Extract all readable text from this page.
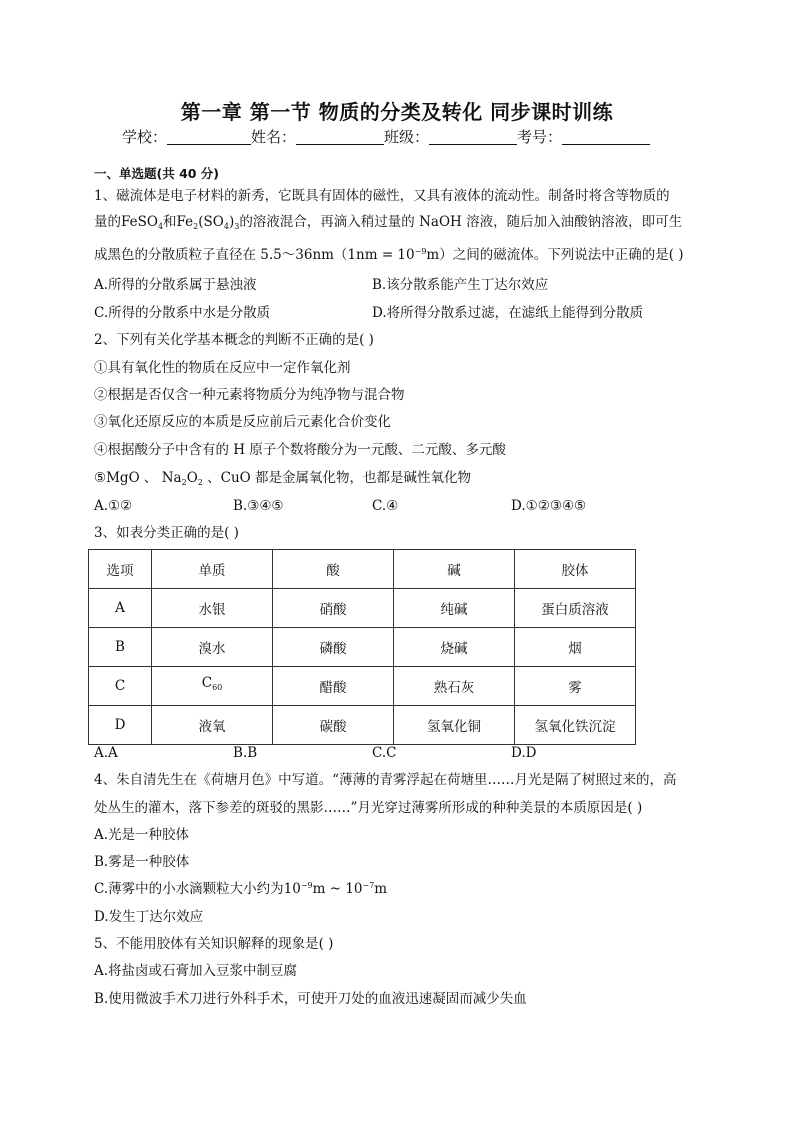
第一章 第一节 物质的分类及转化 同步课时训练
学校：	姓名：	班级：	考号：
一、单选题(共 40 分)
1、磁流体是电子材料的新秀，它既具有固体的磁性，又具有液体的流动性。制备时将含等物质的
量的FeSO$_4$和$Fe_2(SO_4)_3$的溶液混合，再滴入稍过量的 NaOH 溶液，随后加入油酸钠溶液，即可生
成黑色的分散质粒子直径在 5.5～36nm（1nm = $10^{-9}m$）之间的磁流体。下列说法中正确的是( )
A.所得的分散系属于悬浊液	B.该分散系能产生丁达尔效应
C.所得的分散系中水是分散质	D.将所得分散系过滤，在滤纸上能得到分散质
2、下列有关化学基本概念的判断不正确的是( )
①具有氧化性的物质在反应中一定作氧化剂
②根据是否仅含一种元素将物质分为纯净物与混合物
③氧化还原反应的本质是反应前后元素化合价变化
④根据酸分子中含有的 H 原子个数将酸分为一元酸、二元酸、多元酸
⑤MgO 、 $Na_2O_2$ 、CuO 都是金属氧化物，也都是碱性氧化物
A.①②	B.③④⑤	C.④	D.①②③④⑤
3、如表分类正确的是( )
选项	单质	酸	碱	胶体
A	水银	硝酸	纯碱	蛋白质溶液
B	溴水	磷酸	烧碱	烟
C	$C_{60}$	醋酸	熟石灰	雾
D	液氧	碳酸	氢氧化铜	氢氧化铁沉淀
A.A	B.B	C.C	D.D
4、朱自清先生在《荷塘月色》中写道。“薄薄的青雾浮起在荷塘里……月光是隔了树照过来的，高
处丛生的灌木，落下参差的斑驳的黑影……”月光穿过薄雾所形成的种种美景的本质原因是( )
A.光是一种胶体
B.雾是一种胶体
C.薄雾中的小水滴颗粒大小约为$10^{-9}m$ ~ $10^{-7}m$
D.发生丁达尔效应
5、不能用胶体有关知识解释的现象是( )
A.将盐卤或石膏加入豆浆中制豆腐
B.使用微波手术刀进行外科手术，可使开刀处的血液迅速凝固而减少失血
